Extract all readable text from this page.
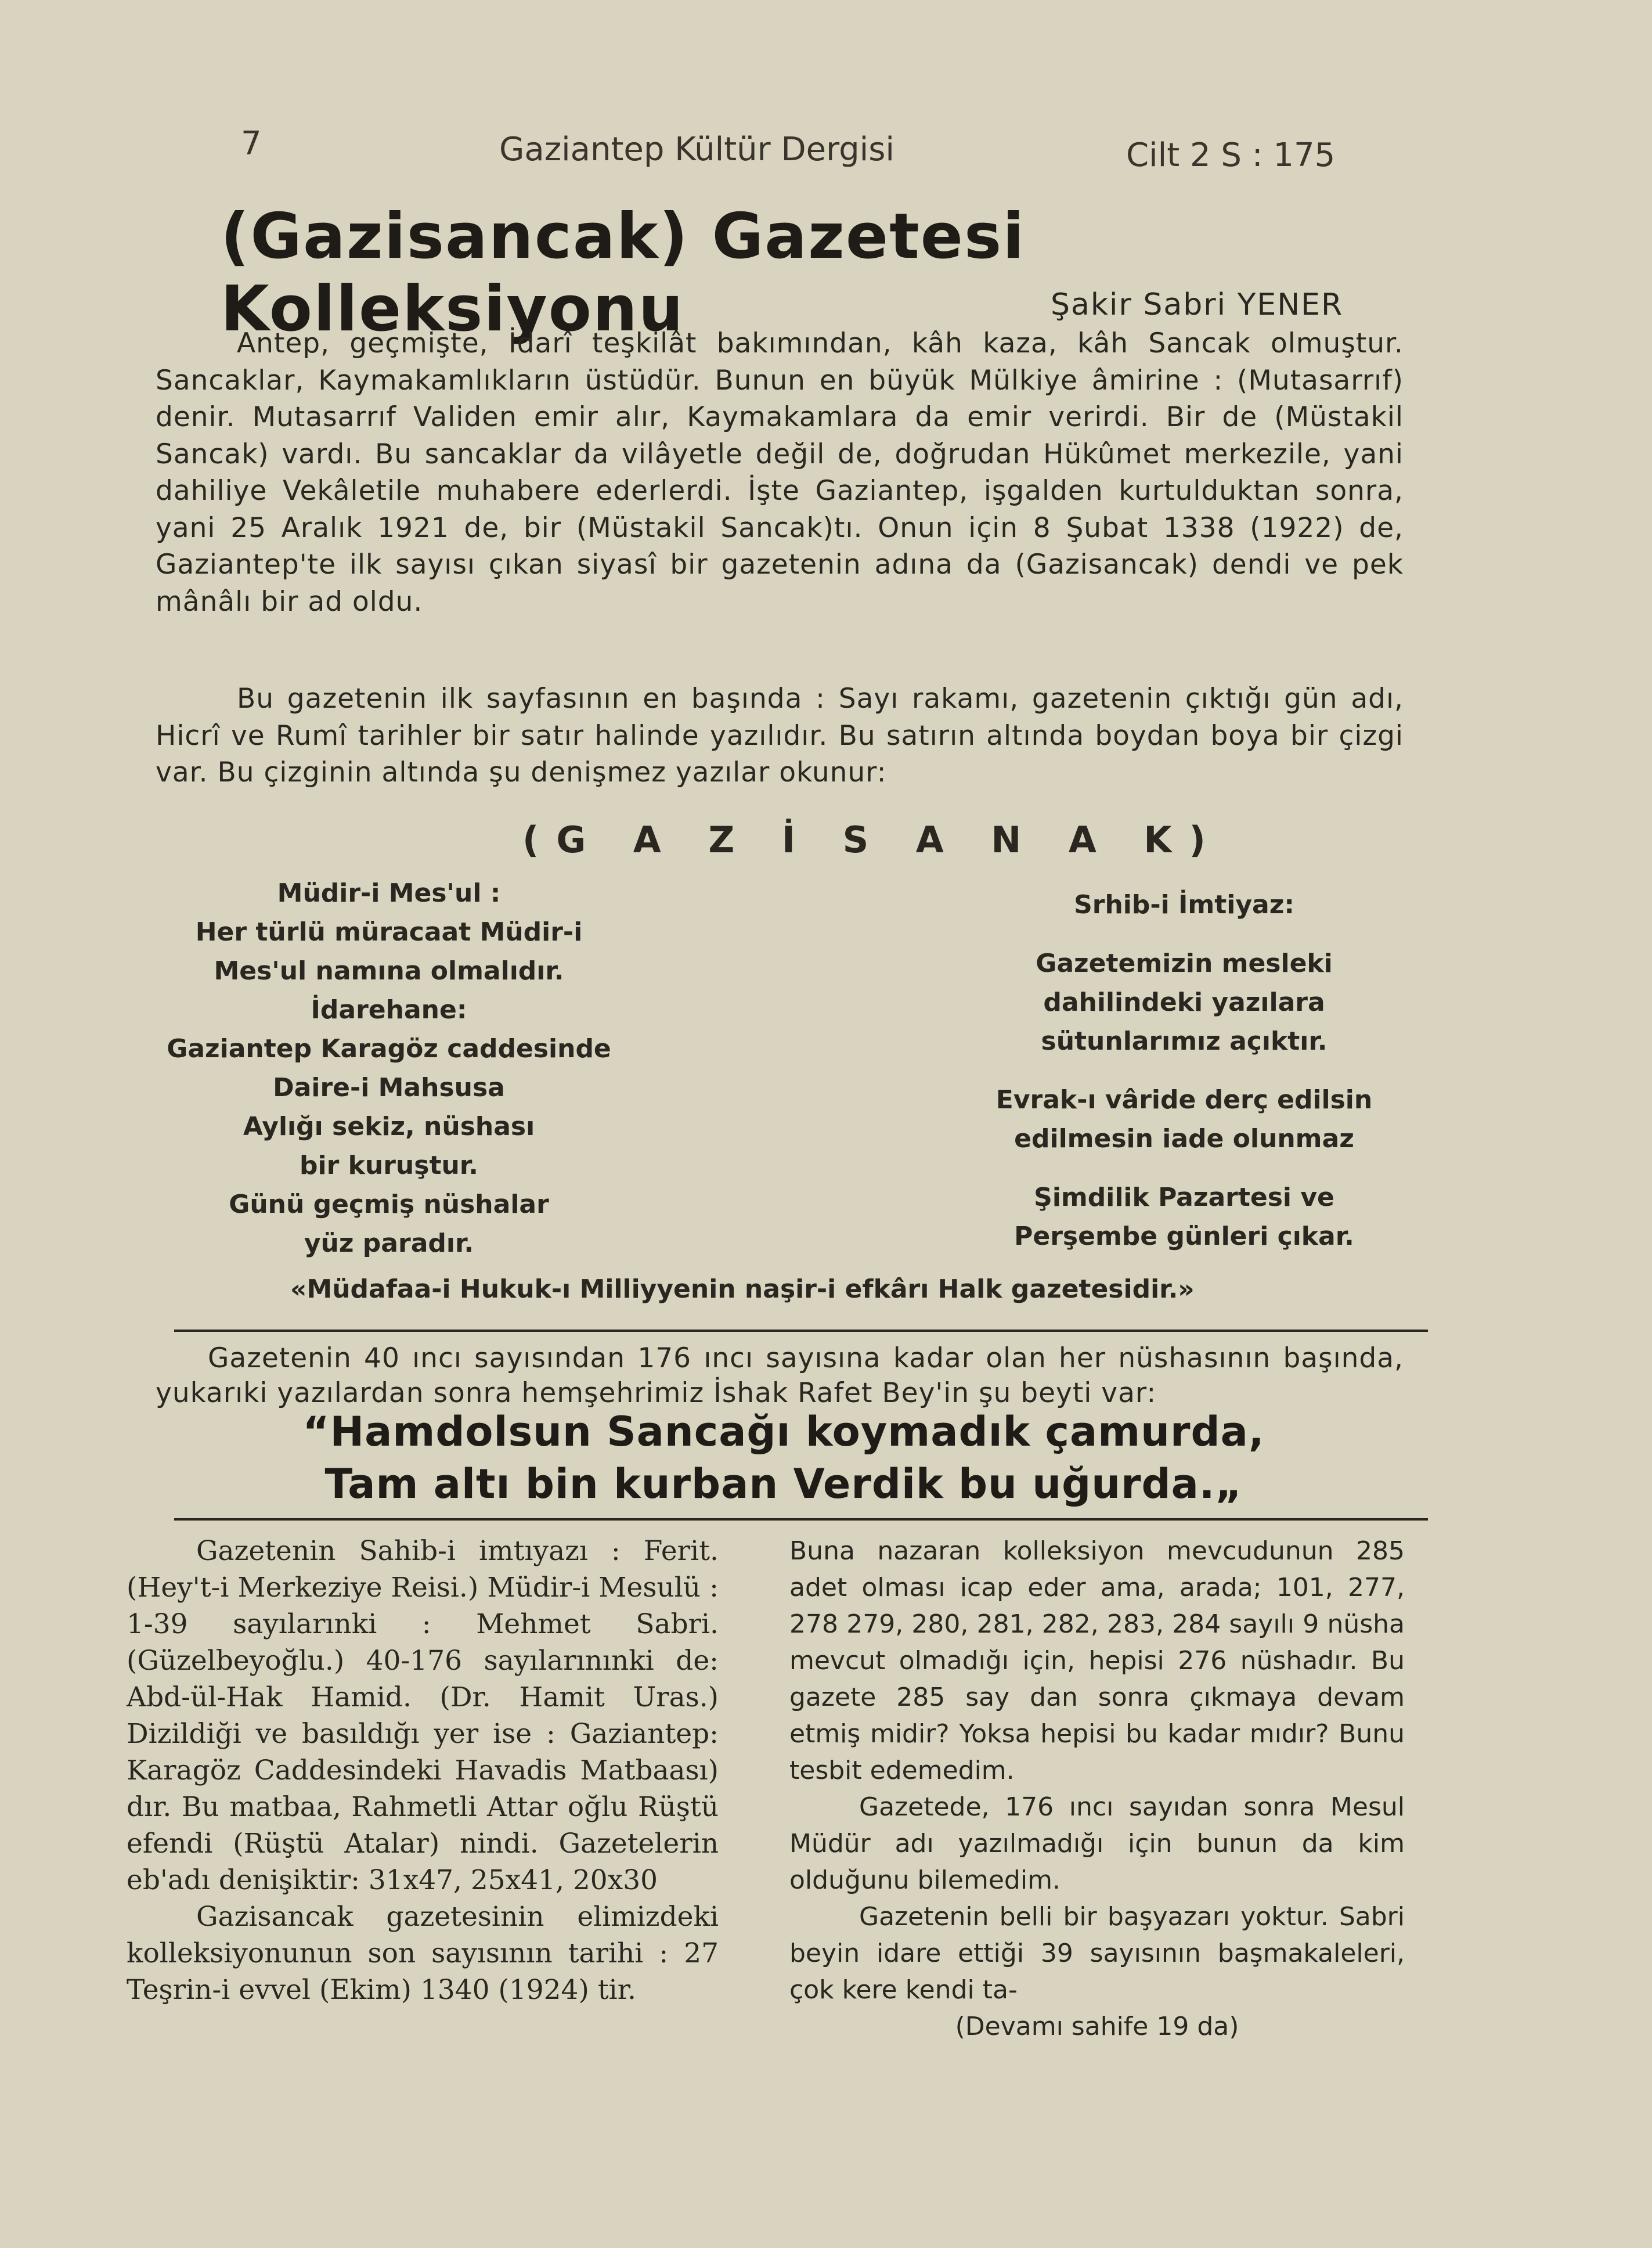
7	Gaziantep Kültür Dergisi	Cilt 2 S : 175
(Gazisancak) Gazetesi Kolleksiyonu	Şakir Sabri YENER
Antep, geçmişte, İdarî teşkilât bakımından, kâh kaza, kâh Sancak olmuştur. Sancaklar, Kaymakamlıkların üstüdür. Bunun en büyük Mülkiye âmirine : (Mutasarrıf) denir. Mutasarrıf Validen emir alır, Kaymakamlara da emir verirdi. Bir de (Müstakil Sancak) vardı. Bu sancaklar da vilâyetle değil de, doğrudan Hükûmet merkezile, yani dahiliye Vekâletile muhabere ederlerdi. İşte Gaziantep, işgalden kurtulduktan sonra, yani 25 Aralık 1921 de, bir (Müstakil Sancak)tı. Onun için 8 Şubat 1338 (1922) de, Gaziantep'te ilk sayısı çıkan siyasî bir gazetenin adına da (Gazisancak) dendi ve pek mânâlı bir ad oldu.
Bu gazetenin ilk sayfasının en başında : Sayı rakamı, gazetenin çıktığı gün adı, Hicrî ve Rumî tarihler bir satır halinde yazılıdır. Bu satırın altında boydan boya bir çizgi var. Bu çizginin altında şu denişmez yazılar okunur:
(G A Z İ S A N A K)
Müdir-i Mes'ul :
Her türlü müracaat Müdir-i
Mes'ul namına olmalıdır.
İdarehane:
Gaziantep Karagöz caddesinde
Daire-i Mahsusa
Aylığı sekiz, nüshası
bir kuruştur.
Günü geçmiş nüshalar
yüz paradır.
Srhib-i İmtiyaz:
Gazetemizin mesleki
dahilindeki yazılara
sütunlarımız açıktır.
Evrak-ı vâride derç edilsin
edilmesin iade olunmaz
Şimdilik Pazartesi ve
Perşembe günleri çıkar.
«Müdafaa-i Hukuk-ı Milliyyenin naşir-i efkârı Halk gazetesidir.»
Gazetenin 40 ıncı sayısından 176 ıncı sayısına kadar olan her nüshasının başında, yukarıki yazılardan sonra hemşehrimiz İshak Rafet Bey'in şu beyti var:
“Hamdolsun Sancağı koymadık çamurda,
Tam altı bin kurban Verdik bu uğurda.„

Gazetenin Sahib-i imtıyazı : Ferit. (Hey't-i Merkeziye Reisi.) Müdir-i Mesulü : 1-39 sayılarınki : Mehmet Sabri. (Güzelbeyoğlu.) 40-176 sayılarınınki de: Abd-ül-Hak Hamid. (Dr. Hamit Uras.) Dizildiği ve basıldığı yer ise : Gaziantep: Karagöz Caddesindeki Havadis Matbaası) dır. Bu matbaa, Rahmetli Attar oğlu Rüştü efendi (Rüştü Atalar) nindi. Gazetelerin eb'adı denişiktir: 31x47, 25x41, 20x30

Gazisancak gazetesinin elimizdeki kolleksiyonunun son sayısının tarihi : 27 Teşrin-i evvel (Ekim) 1340 (1924) tir.

Buna nazaran kolleksiyon mevcudunun 285 adet olması icap eder ama, arada; 101, 277, 278 279, 280, 281, 282, 283, 284 sayılı 9 nüsha mevcut olmadığı için, hepisi 276 nüshadır. Bu gazete 285 say dan sonra çıkmaya devam etmiş midir? Yoksa hepisi bu kadar mıdır? Bunu tesbit edemedim.

Gazetede, 176 ıncı sayıdan sonra Mesul Müdür adı yazılmadığı için bunun da kim olduğunu bilemedim.

Gazetenin belli bir başyazarı yoktur. Sabri beyin idare ettiği 39 sayısının başmakaleleri, çok kere kendi ta-

(Devamı sahife 19 da)
